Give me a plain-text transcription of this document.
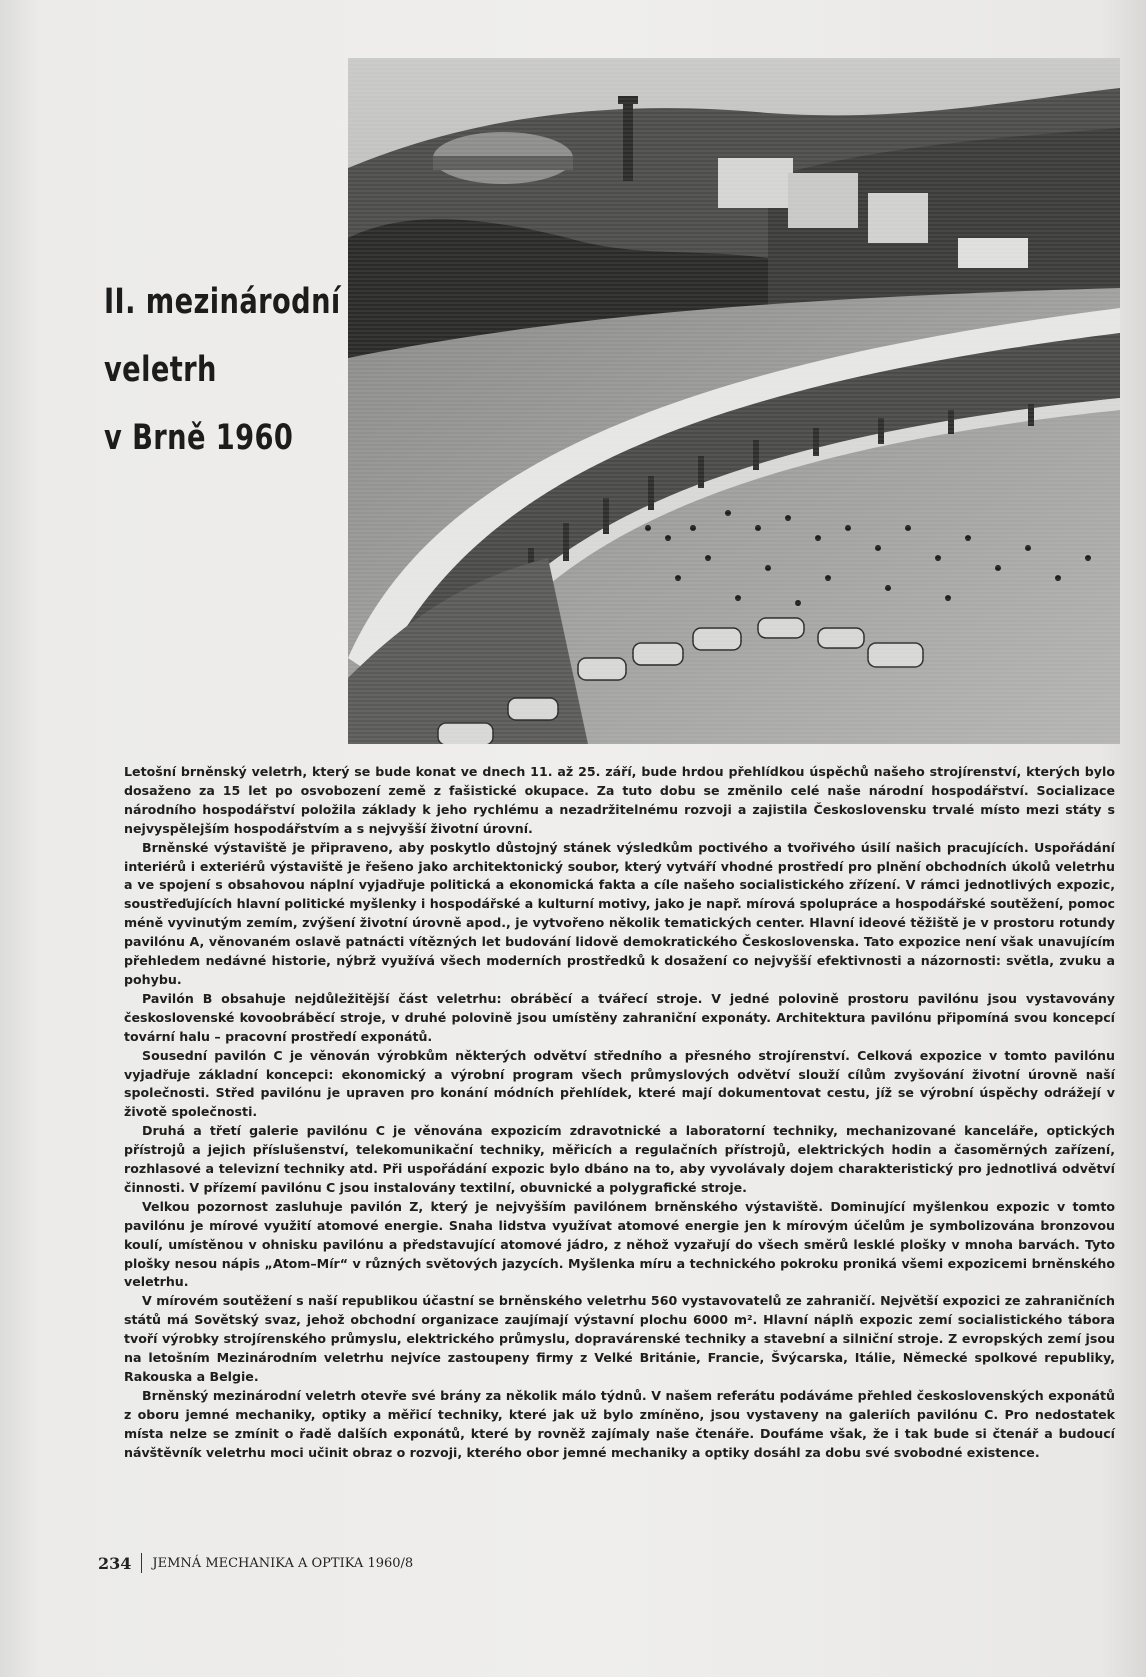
II. mezinárodní
veletrh
v Brně 1960

Letošní brněnský veletrh, který se bude konat ve dnech 11. až 25. září, bude hrdou přehlídkou úspěchů našeho strojírenství, kterých bylo dosaženo za 15 let po osvobození země z fašistické okupace. Za tuto dobu se změnilo celé naše národní hospodářství. Socializace národního hospodářství položila základy k jeho rychlému a nezadržitelnému rozvoji a zajistila Československu trvalé místo mezi státy s nejvyspělejším hospodářstvím a s nejvyšší životní úrovní.

Brněnské výstaviště je připraveno, aby poskytlo důstojný stánek výsledkům poctivého a tvořivého úsilí našich pracujících. Uspořádání interiérů i exteriérů výstaviště je řešeno jako architektonický soubor, který vytváří vhodné prostředí pro plnění obchodních úkolů veletrhu a ve spojení s obsahovou náplní vyjadřuje politická a ekonomická fakta a cíle našeho socialistického zřízení. V rámci jednotlivých expozic, soustřeďujících hlavní politické myšlenky i hospodářské a kulturní motivy, jako je např. mírová spolupráce a hospodářské soutěžení, pomoc méně vyvinutým zemím, zvýšení životní úrovně apod., je vytvořeno několik tematických center. Hlavní ideové těžiště je v prostoru rotundy pavilónu A, věnovaném oslavě patnácti vítězných let budování lidově demokratického Československa. Tato expozice není však unavujícím přehledem nedávné historie, nýbrž využívá všech moderních prostředků k dosažení co nejvyšší efektivnosti a názornosti: světla, zvuku a pohybu.

Pavilón B obsahuje nejdůležitější část veletrhu: obráběcí a tvářecí stroje. V jedné polovině prostoru pavilónu jsou vystavovány československé kovoobráběcí stroje, v druhé polovině jsou umístěny zahraniční exponáty. Architektura pavilónu připomíná svou koncepcí tovární halu – pracovní prostředí exponátů.

Sousední pavilón C je věnován výrobkům některých odvětví středního a přesného strojírenství. Celková expozice v tomto pavilónu vyjadřuje základní koncepci: ekonomický a výrobní program všech průmyslových odvětví slouží cílům zvyšování životní úrovně naší společnosti. Střed pavilónu je upraven pro konání módních přehlídek, které mají dokumentovat cestu, jíž se výrobní úspěchy odrážejí v životě společnosti.

Druhá a třetí galerie pavilónu C je věnována expozicím zdravotnické a laboratorní techniky, mechanizované kanceláře, optických přístrojů a jejich příslušenství, telekomunikační techniky, měřicích a regulačních přístrojů, elektrických hodin a časoměrných zařízení, rozhlasové a televizní techniky atd. Při uspořádání expozic bylo dbáno na to, aby vyvolávaly dojem charakteristický pro jednotlivá odvětví činnosti. V přízemí pavilónu C jsou instalovány textilní, obuvnické a polygrafické stroje.

Velkou pozornost zasluhuje pavilón Z, který je nejvyšším pavilónem brněnského výstaviště. Dominující myšlenkou expozic v tomto pavilónu je mírové využití atomové energie. Snaha lidstva využívat atomové energie jen k mírovým účelům je symbolizována bronzovou koulí, umístěnou v ohnisku pavilónu a představující atomové jádro, z něhož vyzařují do všech směrů lesklé plošky v mnoha barvách. Tyto plošky nesou nápis „Atom–Mír“ v různých světových jazycích. Myšlenka míru a technického pokroku proniká všemi expozicemi brněnského veletrhu.

V mírovém soutěžení s naší republikou účastní se brněnského veletrhu 560 vystavovatelů ze zahraničí. Největší expozici ze zahraničních států má Sovětský svaz, jehož obchodní organizace zaujímají výstavní plochu 6000 m². Hlavní náplň expozic zemí socialistického tábora tvoří výrobky strojírenského průmyslu, elektrického průmyslu, dopravárenské techniky a stavební a silniční stroje. Z evropských zemí jsou na letošním Mezinárodním veletrhu nejvíce zastoupeny firmy z Velké Británie, Francie, Švýcarska, Itálie, Německé spolkové republiky, Rakouska a Belgie.

Brněnský mezinárodní veletrh otevře své brány za několik málo týdnů. V našem referátu podáváme přehled československých exponátů z oboru jemné mechaniky, optiky a měřicí techniky, které jak už bylo zmíněno, jsou vystaveny na galeriích pavilónu C. Pro nedostatek místa nelze se zmínit o řadě dalších exponátů, které by rovněž zajímaly naše čtenáře. Doufáme však, že i tak bude si čtenář a budoucí návštěvník veletrhu moci učinit obraz o rozvoji, kterého obor jemné mechaniky a optiky dosáhl za dobu své svobodné existence.

234 JEMNÁ MECHANIKA A OPTIKA 1960/8
